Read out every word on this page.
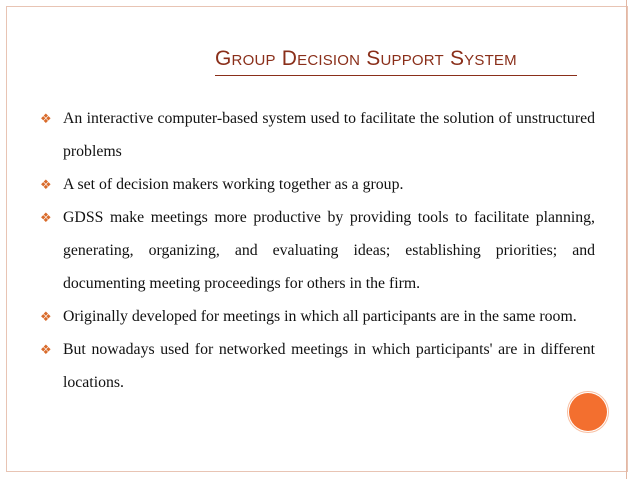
GROUP DECISION SUPPORT SYSTEM
❖ An interactive computer-based system used to facilitate the solution of unstructured problems
❖ A set of decision makers working together as a group.
❖ GDSS make meetings more productive by providing tools to facilitate planning, generating, organizing, and evaluating ideas; establishing priorities; and documenting meeting proceedings for others in the firm.
❖ Originally developed for meetings in which all participants are in the same room.
❖ But nowadays used for networked meetings in which participants' are in different locations.
